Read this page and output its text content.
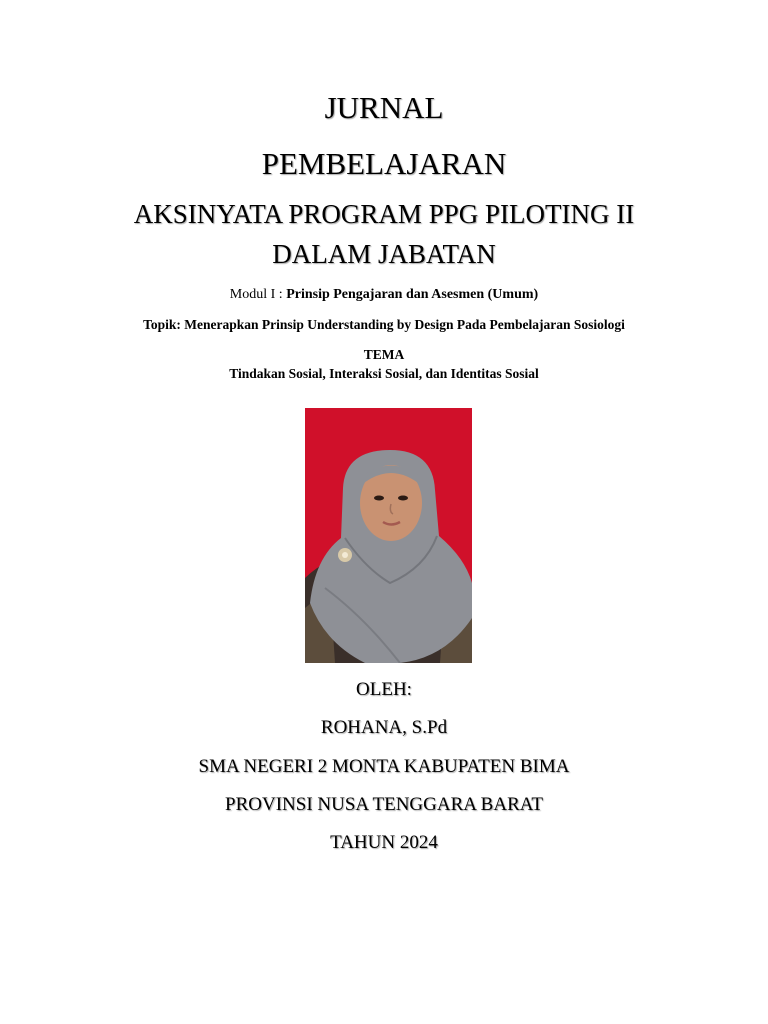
JURNAL
PEMBELAJARAN
AKSINYATA PROGRAM PPG PILOTING II
DALAM JABATAN
Modul I : Prinsip Pengajaran dan Asesmen (Umum)
Topik: Menerapkan Prinsip Understanding by Design Pada Pembelajaran Sosiologi
TEMA
Tindakan Sosial, Interaksi Sosial, dan Identitas Sosial
OLEH:
ROHANA, S.Pd
SMA NEGERI 2 MONTA KABUPATEN BIMA
PROVINSI NUSA TENGGARA BARAT
TAHUN 2024
